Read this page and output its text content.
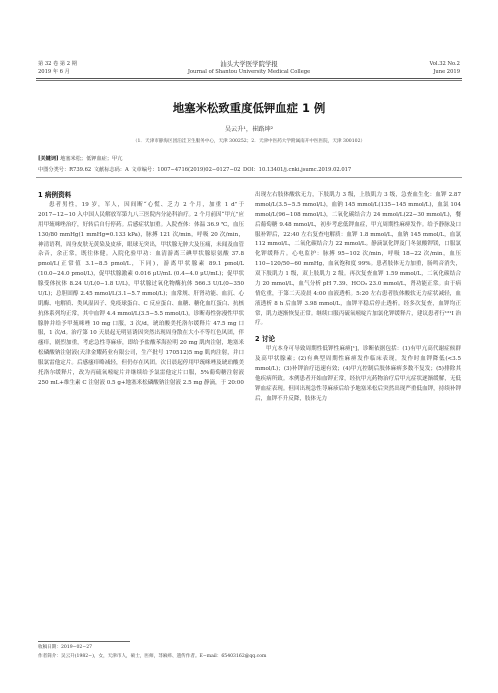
第 32 卷 第 2 期
2019 年 6 月
汕头大学医学院学报
Journal of Shantou University Medical College
Vol.32 No.2
June 2019
地塞米松致重度低钾血症 1 例
吴云升¹，崔路坤²
（1．天津市静海区团泊洼卫生服务中心，天津 300252；2．天津中医药大学附属南开中医医院，天津 300102）
[关键词] 地塞米松；低钾血症；甲亢
中图分类号：R739.62 文献标志码：A 文章编号：1007−4716(2019)02−0127−02 DOI：10.13401/j.cnki.jsumc.2019.02.017
1 病例资料

患者男性，19 岁，军人，因间断“心慌、乏力 2 个月，加重 1 d”于 2017−12−10 入中国人民解放军第九八三医院内分泌科治疗。2 个月前因“甲亢”应用甲巯咪唑治疗，好转后自行停药。后感症状加重。入院查体：体温 36.9 ℃，血压 130/80 mmHg(1 mmHg=0.133 kPa)，脉搏 121 次/min，呼吸 20 次/min，神清语利，周身皮肤无黄染及皮疹，眼球无突出，甲状腺无肿大及压痛，未闻及血管杂音，余正常，既往体健。入院化验甲功：血清游离三碘甲状腺原氨酸 37.8 pmol/L(正常值 3.1−8.5 pmol/L，下同)，游离甲状腺素 89.1 pmol/L (10.0−24.0 pmol/L)，促甲状腺激素 0.016 μU/mL (0.4−4.0 μU/mL)；促甲状腺受体抗体 8.24 U/L(0−1.8 U/L)，甲状腺过氧化物酶抗体 566.3 U/L(0−350 U/L)；总胆固醇 2.45 mmol/L(3.1−5.7 mmol/L)；血常规、肝肾功能、血沉、心肌酶、电解质、类风湿因子、免疫球蛋白、C 反应蛋白、血糖、糖化血红蛋白、抗核抗体系列均正常，其中血钾 4.4 mmol/L(3.5−5.5 mmol/L)。诊断毒性弥漫性甲状腺肿并给予甲巯咪唑 10 mg 口服，3 次/d，琥珀酸美托洛尔缓释片 47.5 mg 口服，1 次/d。治疗第 10 天晨起无明显诱因突然出现周身散在大小不等红色风团，伴瘙痒，剧烈加重，考虑急性荨麻疹，即给予盐酸苯海拉明 20 mg 肌肉注射，地塞米松磷酸钠注射液(天津金耀药业有限公司，生产批号 170512)5 mg 肌肉注射，并口服氯雷他定片。后感瘙痒略减轻，但仍存在风团。次日晨起停用甲巯咪唑及琥珀酸美托洛尔缓释片，改为丙硫氧嘧啶片并继续给予氯雷他定片口服，5%葡萄糖注射液 250 mL+维生素 C 注射液 0.5 g+地塞米松磷酸钠注射液 2.5 mg 静滴，于 20:00

出现左右肢体酸软无力，下肢肌力 3 级，上肢肌力 3 级，急查血生化：血钾 2.87 mmol/L(3.5−5.5 mmol/L)，血钠 145 mmol/L(135−145 mmol/L)，血氯 104 mmol/L(96−108 mmol/L)，二氧化碳结合力 24 mmol/L(22−30 mmol/L)，餐后葡萄糖 9.48 mmol/L，初步考虑低钾血症，甲亢周期性麻痹发作。给予静脉及口服补钾后，22:40 左右复查电解质：血钾 1.8 mmol/L，血钠 145 mmol/L，血氯 112 mmol/L，二氧化碳结合力 22 mmol/L。静滴氯化钾及门冬氨酸钾镁，口服氯化钾缓释片。心电监护：脉搏 95−102 次/min，呼吸 18−22 次/min，血压 110−120/50−60 mmHg，血氧饱和度 99%。患者肢体无力加重，肠鸣音消失，双下肢肌力 1 级，双上肢肌力 2 级。再次复查血钾 1.59 mmol/L，二氧化碳结合力 20 mmol/L，血气分析 pH 7.39、HCO₃ 23.0 mmol/L，肾功能正常。由于病情危重，于第二天凌晨 4:00 血液透析。5:20 左右患者肢体酸软无力症状减轻，血液透析 8 h 后血钾 3.98 mmol/L，血钾平稳后停止透析。经多次复查，血钾均正常，肌力逐渐恢复正常。继续口服丙硫氧嘧啶片加氯化钾缓释片，建议患者行¹³¹I 治疗。

2 讨论

甲亢本身可导致周期性低钾性麻痹[¹]，诊断依据包括：(1)有甲亢高代谢症候群及高甲状腺素；(2)有典型周期性麻痹发作临床表现，发作时血钾降低(<3.5 mmol/L)；(3)补钾治疗迅速有效；(4)甲亢控制后肢体麻痹多数不复发；(5)排除其他疾病所致。本例患者开始血钾正常，经抗甲亢药物治疗后甲亢症状逐渐缓解，无低钾血症表现。但回出现急性荨麻疹后给予地塞米松后突然出现严重低血钾，持续补钾后，血钾不升反降，肢体无力

收稿日期：2019−02−27
作者简介：吴云升(1982−)，女，天津市人，硕士，医师，荨麻疹、遗传作者。E−mail：65403162@qq.com
